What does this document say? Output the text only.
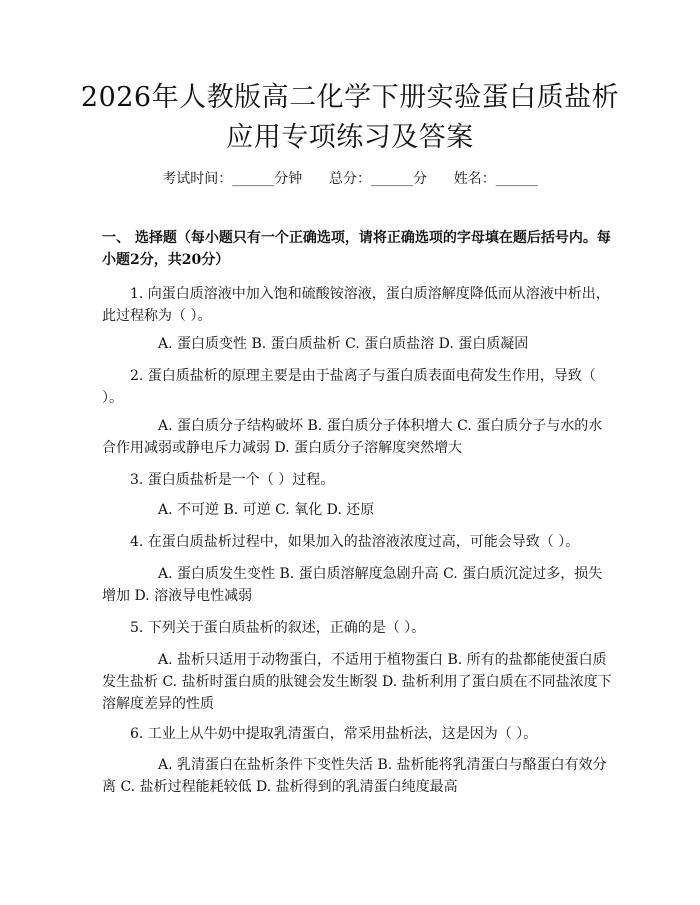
2026年人教版高二化学下册实验蛋白质盐析
应用专项练习及答案
考试时间：______分钟      总分：______分      姓名：______
一、 选择题（每小题只有一个正确选项，请将正确选项的字母填在题后括号内。每小题2分，共20分）
1. 向蛋白质溶液中加入饱和硫酸铵溶液，蛋白质溶解度降低而从溶液中析出，此过程称为（ ）。
A. 蛋白质变性 B. 蛋白质盐析 C. 蛋白质盐溶 D. 蛋白质凝固
2. 蛋白质盐析的原理主要是由于盐离子与蛋白质表面电荷发生作用，导致（ ）。
A. 蛋白质分子结构破坏 B. 蛋白质分子体积增大 C. 蛋白质分子与水的水合作用减弱或静电斥力减弱 D. 蛋白质分子溶解度突然增大
3. 蛋白质盐析是一个（ ）过程。
A. 不可逆 B. 可逆 C. 氧化 D. 还原
4. 在蛋白质盐析过程中，如果加入的盐溶液浓度过高，可能会导致（ ）。
A. 蛋白质发生变性 B. 蛋白质溶解度急剧升高 C. 蛋白质沉淀过多，损失增加 D. 溶液导电性减弱
5. 下列关于蛋白质盐析的叙述，正确的是（ ）。
A. 盐析只适用于动物蛋白，不适用于植物蛋白 B. 所有的盐都能使蛋白质发生盐析 C. 盐析时蛋白质的肽键会发生断裂 D. 盐析利用了蛋白质在不同盐浓度下溶解度差异的性质
6. 工业上从牛奶中提取乳清蛋白，常采用盐析法，这是因为（ ）。
A. 乳清蛋白在盐析条件下变性失活 B. 盐析能将乳清蛋白与酪蛋白有效分离 C. 盐析过程能耗较低 D. 盐析得到的乳清蛋白纯度最高
